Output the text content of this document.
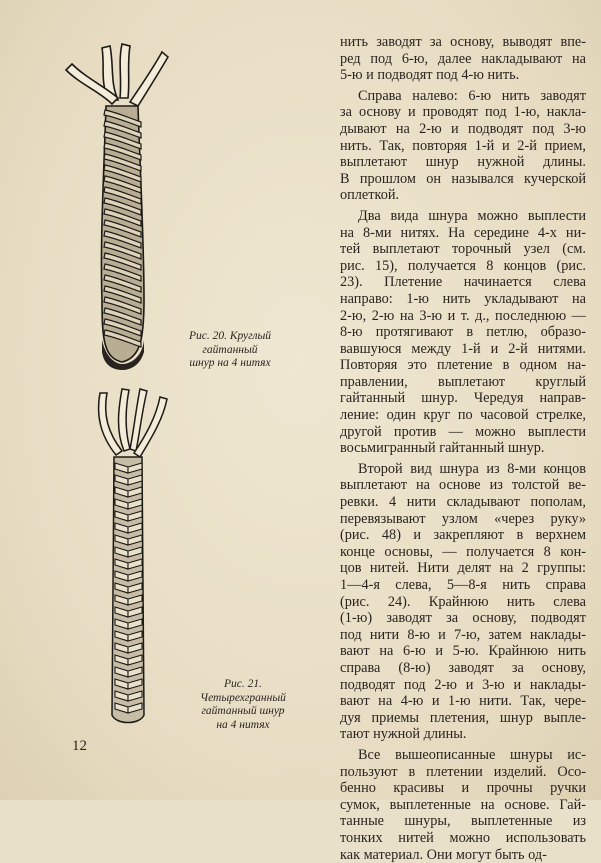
Рис. 20. Круглый
гайтанный
шнур на 4 нитях
Рис. 21.
Четырехгранный
гайтанный шнур
на 4 нитях
12
нить заводят за основу, выводят впе-
ред под 6-ю, далее накладывают на
5-ю и подводят под 4-ю нить.
Справа налево: 6-ю нить заводят
за основу и проводят под 1-ю, накла-
дывают на 2-ю и подводят под 3-ю
нить. Так, повторяя 1-й и 2-й прием,
выплетают шнур нужной длины.
В прошлом он назывался кучерской
оплеткой.
Два вида шнура можно выплести
на 8-ми нитях. На середине 4-х ни-
тей выплетают торочный узел (см.
рис. 15), получается 8 концов (рис.
23). Плетение начинается слева
направо: 1-ю нить укладывают на
2-ю, 2-ю на 3-ю и т. д., последнюю —
8-ю протягивают в петлю, образо-
вавшуюся между 1-й и 2-й нитями.
Повторяя это плетение в одном на-
правлении, выплетают круглый
гайтанный шнур. Чередуя направ-
ление: один круг по часовой стрелке,
другой против — можно выплести
восьмигранный гайтанный шнур.
Второй вид шнура из 8-ми концов
выплетают на основе из толстой ве-
ревки. 4 нити складывают пополам,
перевязывают узлом «через руку»
(рис. 48) и закрепляют в верхнем
конце основы, — получается 8 кон-
цов нитей. Нити делят на 2 группы:
1—4-я слева, 5—8-я нить справа
(рис. 24). Крайнюю нить слева
(1-ю) заводят за основу, подводят
под нити 8-ю и 7-ю, затем наклады-
вают на 6-ю и 5-ю. Крайнюю нить
справа (8-ю) заводят за основу,
подводят под 2-ю и 3-ю и наклады-
вают на 4-ю и 1-ю нити. Так, чере-
дуя приемы плетения, шнур выпле-
тают нужной длины.
Все вышеописанные шнуры ис-
пользуют в плетении изделий. Осо-
бенно красивы и прочны ручки
сумок, выплетенные на основе. Гай-
танные шнуры, выплетенные из
тонких нитей можно использовать
как материал. Они могут быть од-
